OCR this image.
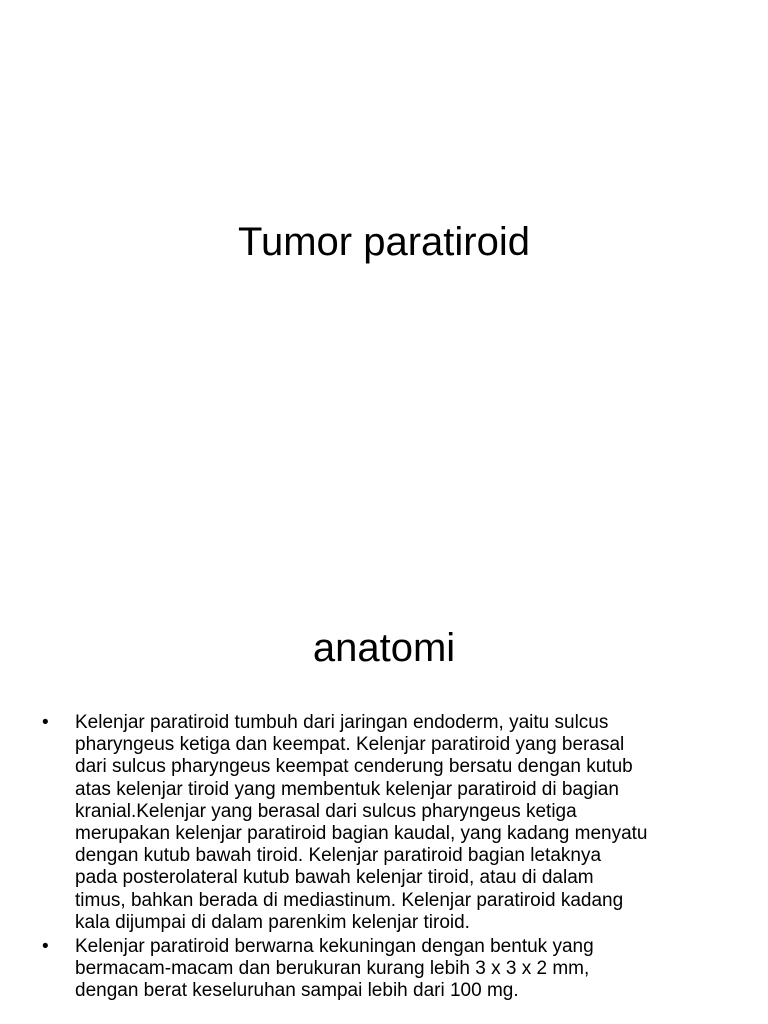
Tumor paratiroid
anatomi
•	Kelenjar paratiroid tumbuh dari jaringan endoderm, yaitu sulcus
pharyngeus ketiga dan keempat. Kelenjar paratiroid yang berasal
dari sulcus pharyngeus keempat cenderung bersatu dengan kutub
atas kelenjar tiroid yang membentuk kelenjar paratiroid di bagian
kranial.Kelenjar yang berasal dari sulcus pharyngeus ketiga
merupakan kelenjar paratiroid bagian kaudal, yang kadang menyatu
dengan kutub bawah tiroid. Kelenjar paratiroid bagian letaknya
pada posterolateral kutub bawah kelenjar tiroid, atau di dalam
timus, bahkan berada di mediastinum. Kelenjar paratiroid kadang
kala dijumpai di dalam parenkim kelenjar tiroid.
•	Kelenjar paratiroid berwarna kekuningan dengan bentuk yang
bermacam-macam dan berukuran kurang lebih 3 x 3 x 2 mm,
dengan berat keseluruhan sampai lebih dari 100 mg.
